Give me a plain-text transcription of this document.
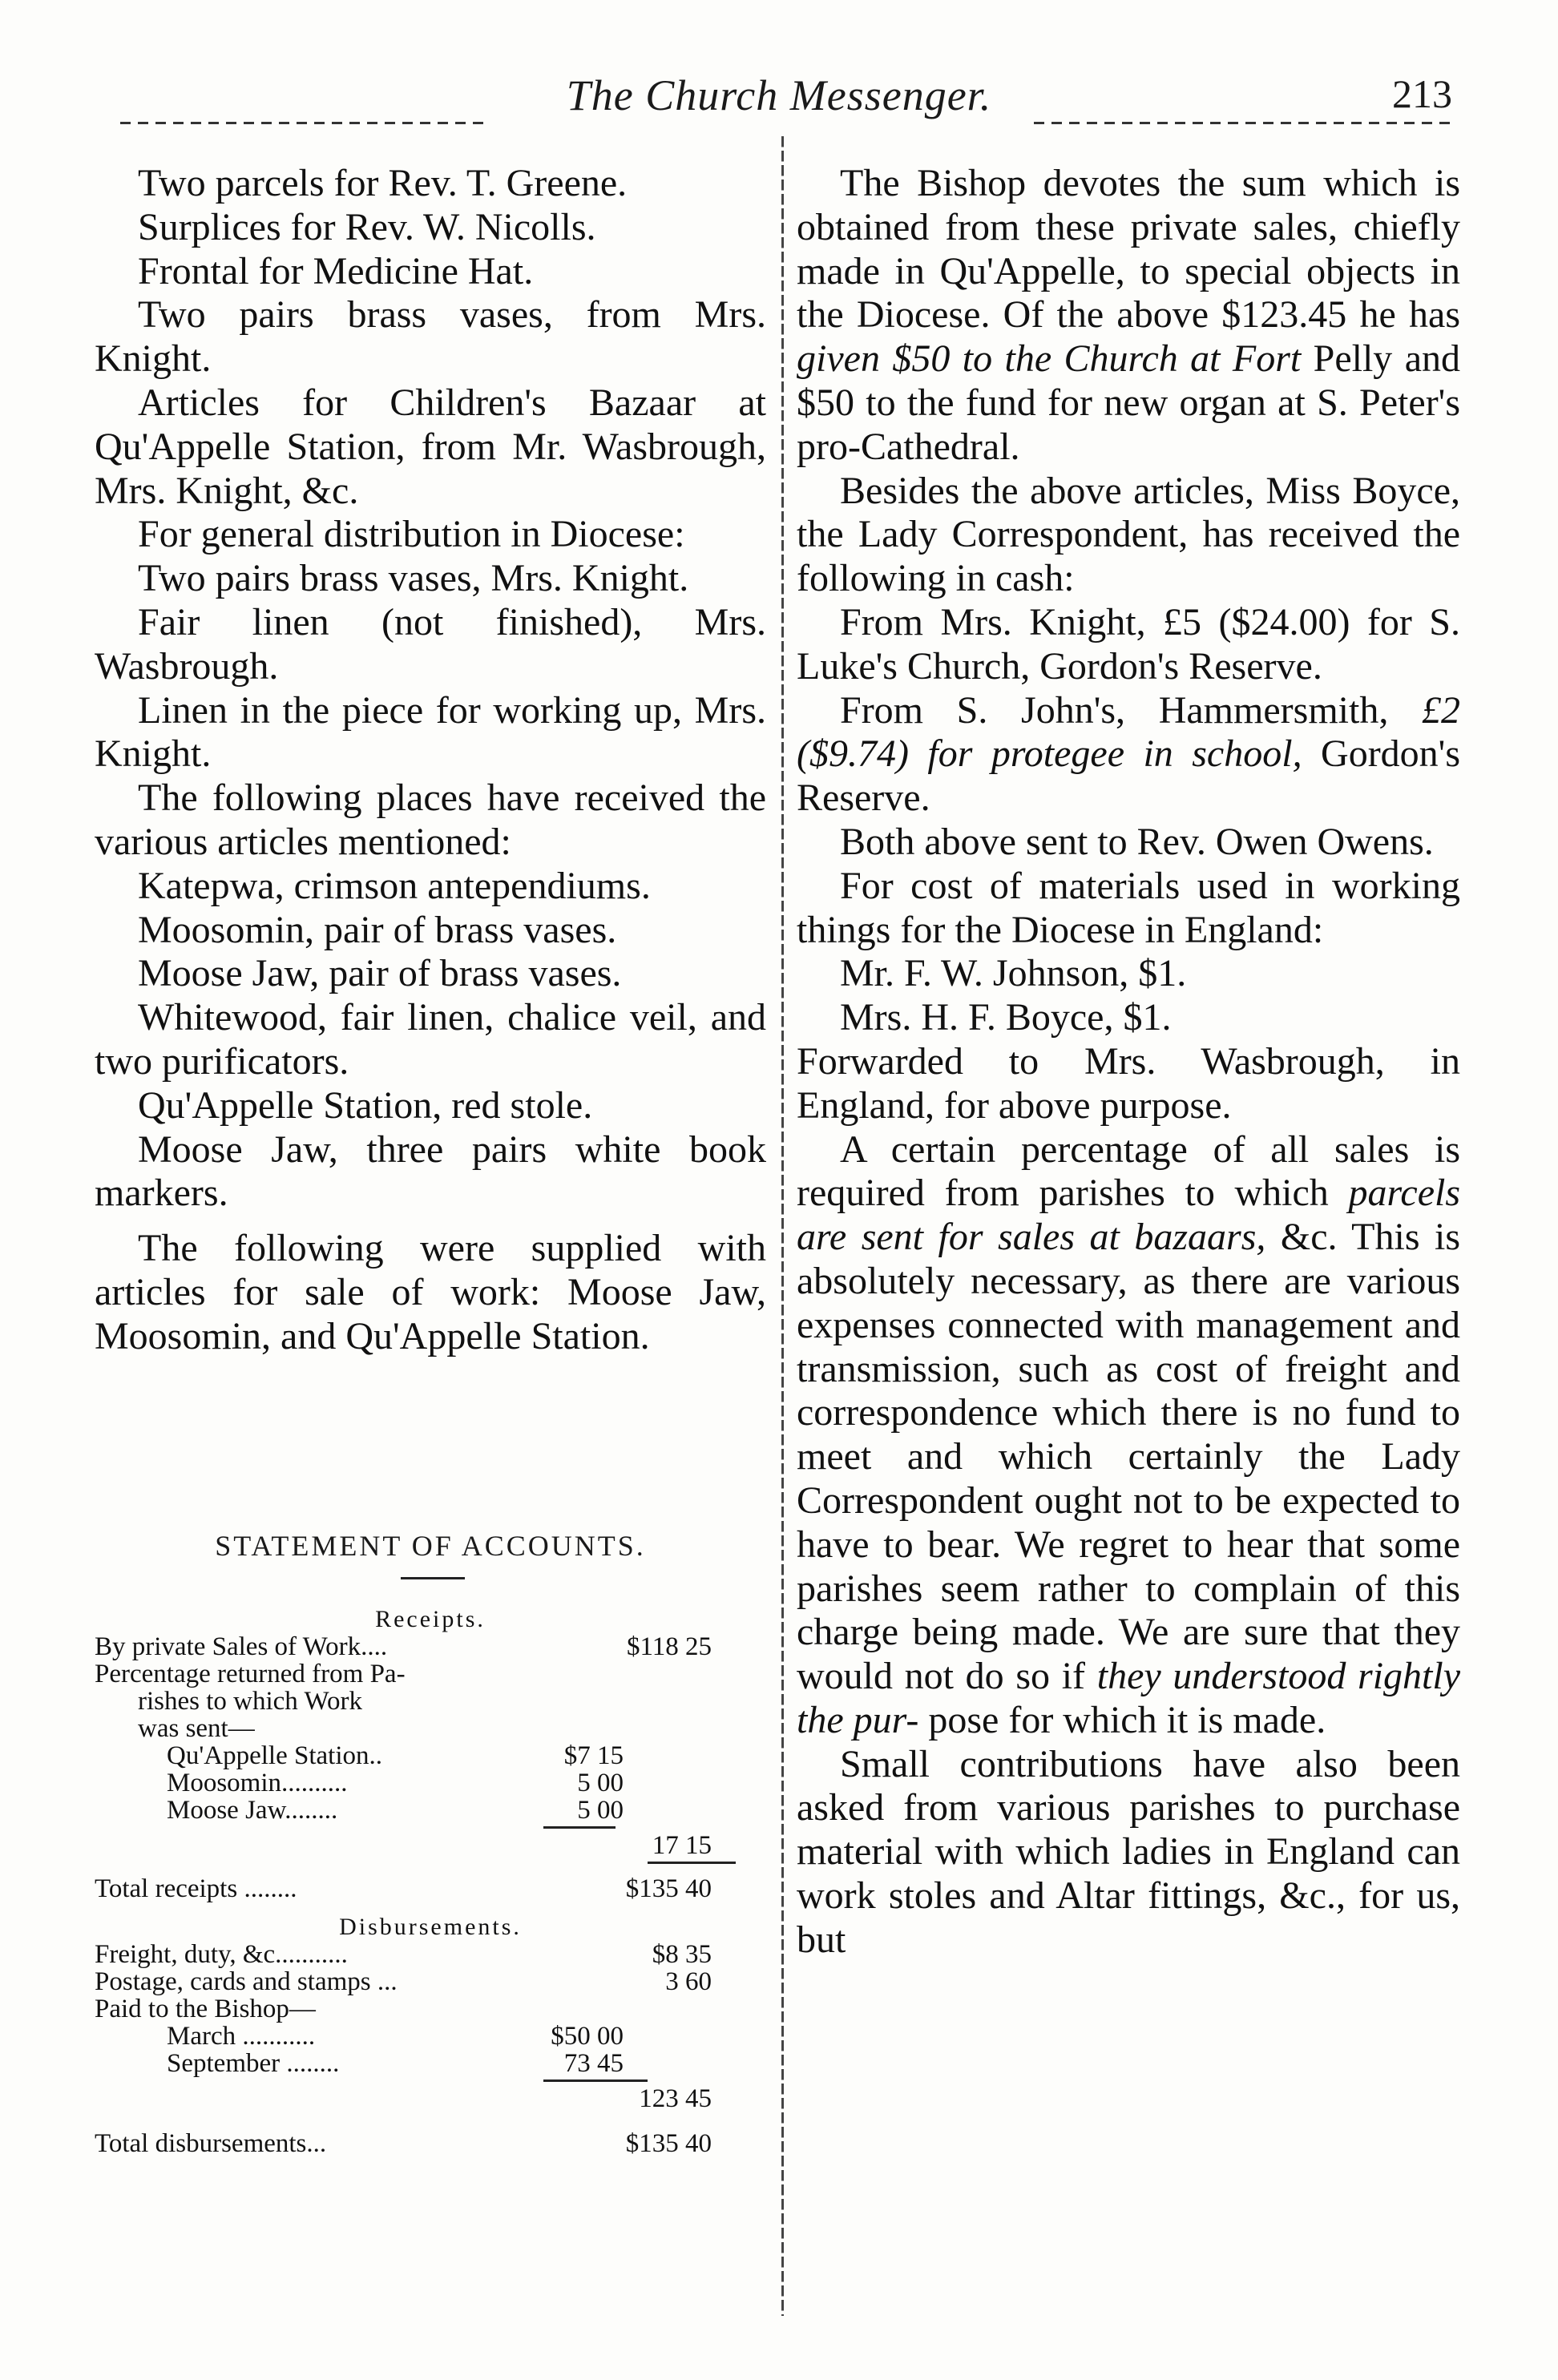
The Church Messenger.	213

Two parcels for Rev. T. Greene.

Surplices for Rev. W. Nicolls.

Frontal for Medicine Hat.

Two pairs brass vases, from Mrs. Knight.

Articles for Children's Bazaar at Qu'Appelle Station, from Mr. Wasbrough, Mrs. Knight, &c.

For general distribution in Diocese:

Two pairs brass vases, Mrs. Knight.

Fair linen (not finished), Mrs. Wasbrough.

Linen in the piece for working up, Mrs. Knight.

The following places have received the various articles mentioned:

Katepwa, crimson antependiums.

Moosomin, pair of brass vases.

Moose Jaw, pair of brass vases.

Whitewood, fair linen, chalice veil, and two purificators.

Qu'Appelle Station, red stole.

Moose Jaw, three pairs white book markers.

The following were supplied with articles for sale of work: Moose Jaw, Moosomin, and Qu'Appelle Station.

STATEMENT OF ACCOUNTS.
Receipts.
By private Sales of Work....	$118 25
Percentage returned from Pa-
rishes to which Work
was sent—
Qu'Appelle Station..	$7 15
Moosomin..........	5 00
Moose Jaw........	5 00
17 15
Total receipts ........	$135 40
Disbursements.
Freight, duty, &c...........	$8 35
Postage, cards and stamps ...	3 60
Paid to the Bishop—
March ...........	$50 00
September ........	73 45
123 45
Total disbursements...	$135 40

The Bishop devotes the sum which is obtained from these private sales, chiefly made in Qu'Appelle, to special objects in the Diocese. Of the above $123.45 he has given $50 to the Church at Fort Pelly and $50 to the fund for new organ at S. Peter's pro-Cathedral.

Besides the above articles, Miss Boyce, the Lady Correspondent, has received the following in cash:

From Mrs. Knight, £5 ($24.00) for S. Luke's Church, Gordon's Reserve.

From S. John's, Hammersmith, £2 ($9.74) for protegee in school, Gordon's Reserve.

Both above sent to Rev. Owen Owens.

For cost of materials used in working things for the Diocese in England:

Mr. F. W. Johnson, $1.

Mrs. H. F. Boyce, $1.

Forwarded to Mrs. Wasbrough, in England, for above purpose.

A certain percentage of all sales is required from parishes to which parcels are sent for sales at bazaars, &c. This is absolutely necessary, as there are various expenses connected with management and transmission, such as cost of freight and correspondence which there is no fund to meet and which certainly the Lady Correspondent ought not to be expected to have to bear. We regret to hear that some parishes seem rather to complain of this charge being made. We are sure that they would not do so if they understood rightly the pur- pose for which it is made.

Small contributions have also been asked from various parishes to purchase material with which ladies in England can work stoles and Altar fittings, &c., for us, but
